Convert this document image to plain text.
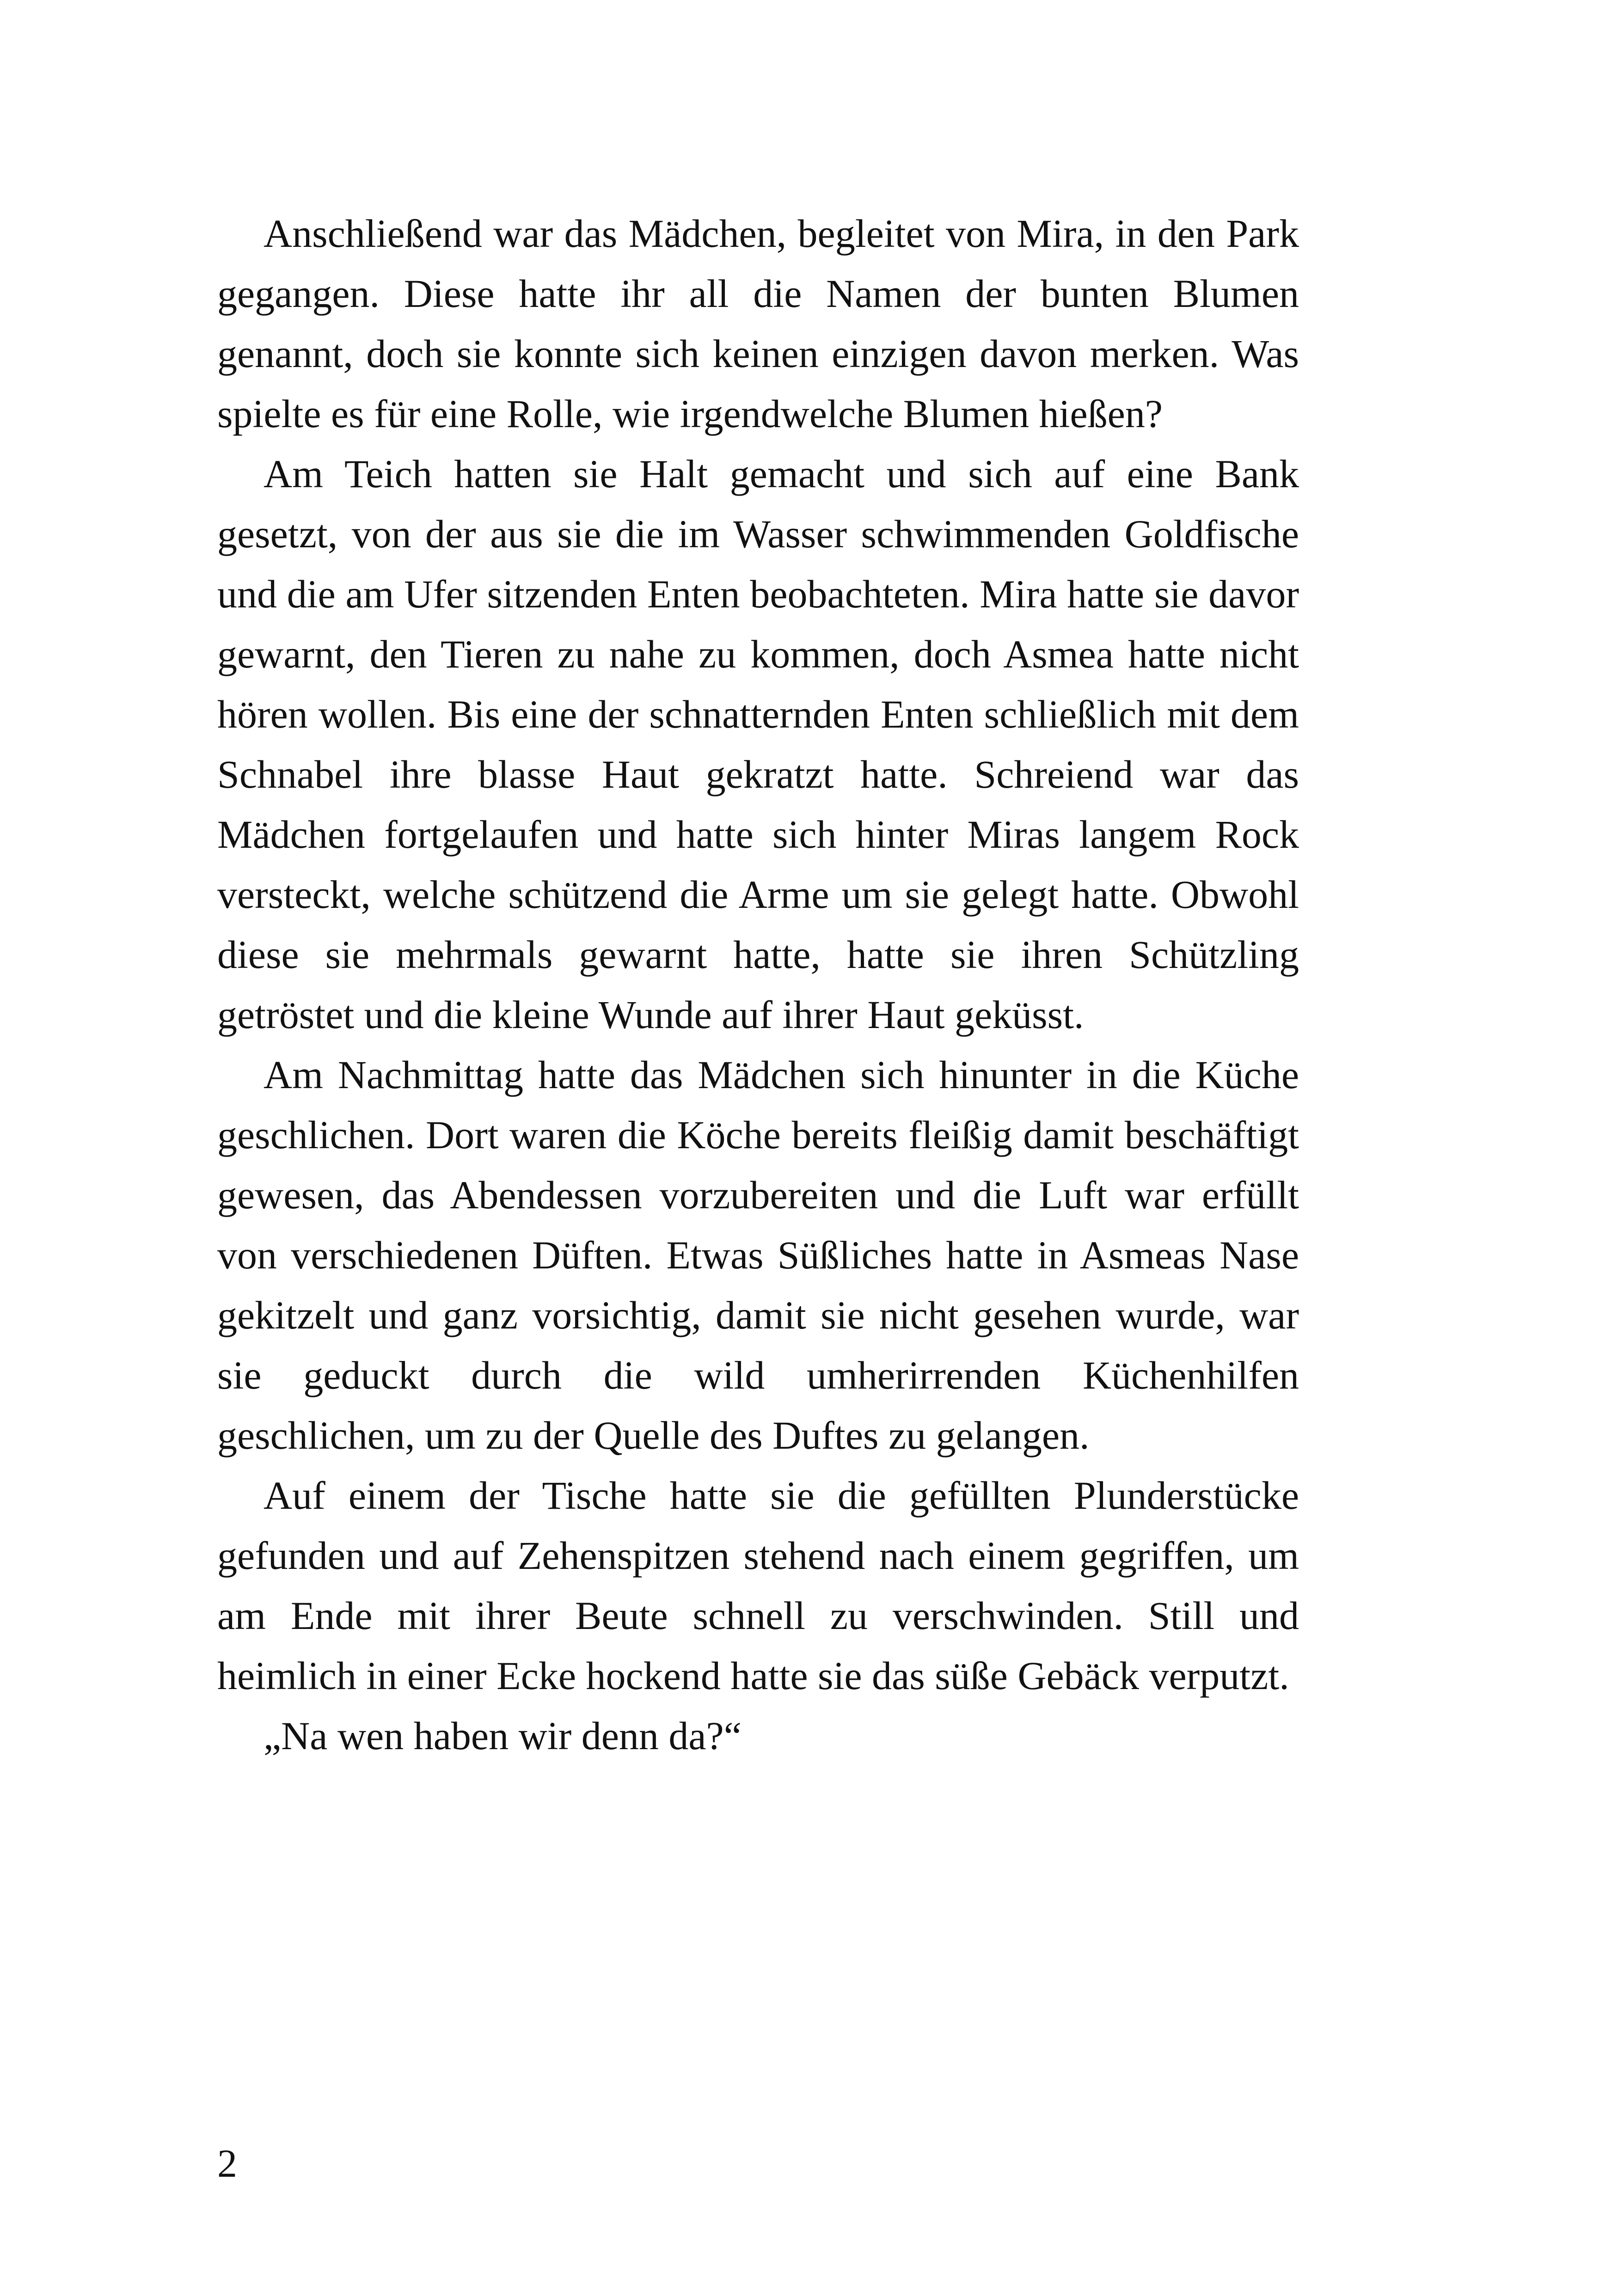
Anschließend war das Mädchen, begleitet von Mira, in den Park gegangen. Diese hatte ihr all die Namen der bunten Blumen genannt, doch sie konnte sich keinen einzigen davon merken. Was spielte es für eine Rolle, wie irgendwelche Blumen hießen?

Am Teich hatten sie Halt gemacht und sich auf eine Bank gesetzt, von der aus sie die im Wasser schwimmenden Goldfische und die am Ufer sitzenden Enten beobachteten. Mira hatte sie davor gewarnt, den Tieren zu nahe zu kommen, doch Asmea hatte nicht hören wollen. Bis eine der schnatternden Enten schließlich mit dem Schnabel ihre blasse Haut gekratzt hatte. Schreiend war das Mädchen fortgelaufen und hatte sich hinter Miras langem Rock versteckt, welche schützend die Arme um sie gelegt hatte. Obwohl diese sie mehrmals gewarnt hatte, hatte sie ihren Schützling getröstet und die kleine Wunde auf ihrer Haut geküsst.

Am Nachmittag hatte das Mädchen sich hinunter in die Küche geschlichen. Dort waren die Köche bereits fleißig damit beschäftigt gewesen, das Abendessen vorzubereiten und die Luft war erfüllt von verschiedenen Düften. Etwas Süßliches hatte in Asmeas Nase gekitzelt und ganz vorsichtig, damit sie nicht gesehen wurde, war sie geduckt durch die wild umherirrenden Küchenhilfen geschlichen, um zu der Quelle des Duftes zu gelangen.

Auf einem der Tische hatte sie die gefüllten Plunderstücke gefunden und auf Zehenspitzen stehend nach einem gegriffen, um am Ende mit ihrer Beute schnell zu verschwinden. Still und heimlich in einer Ecke hockend hatte sie das süße Gebäck verputzt.

„Na wen haben wir denn da?“

2
